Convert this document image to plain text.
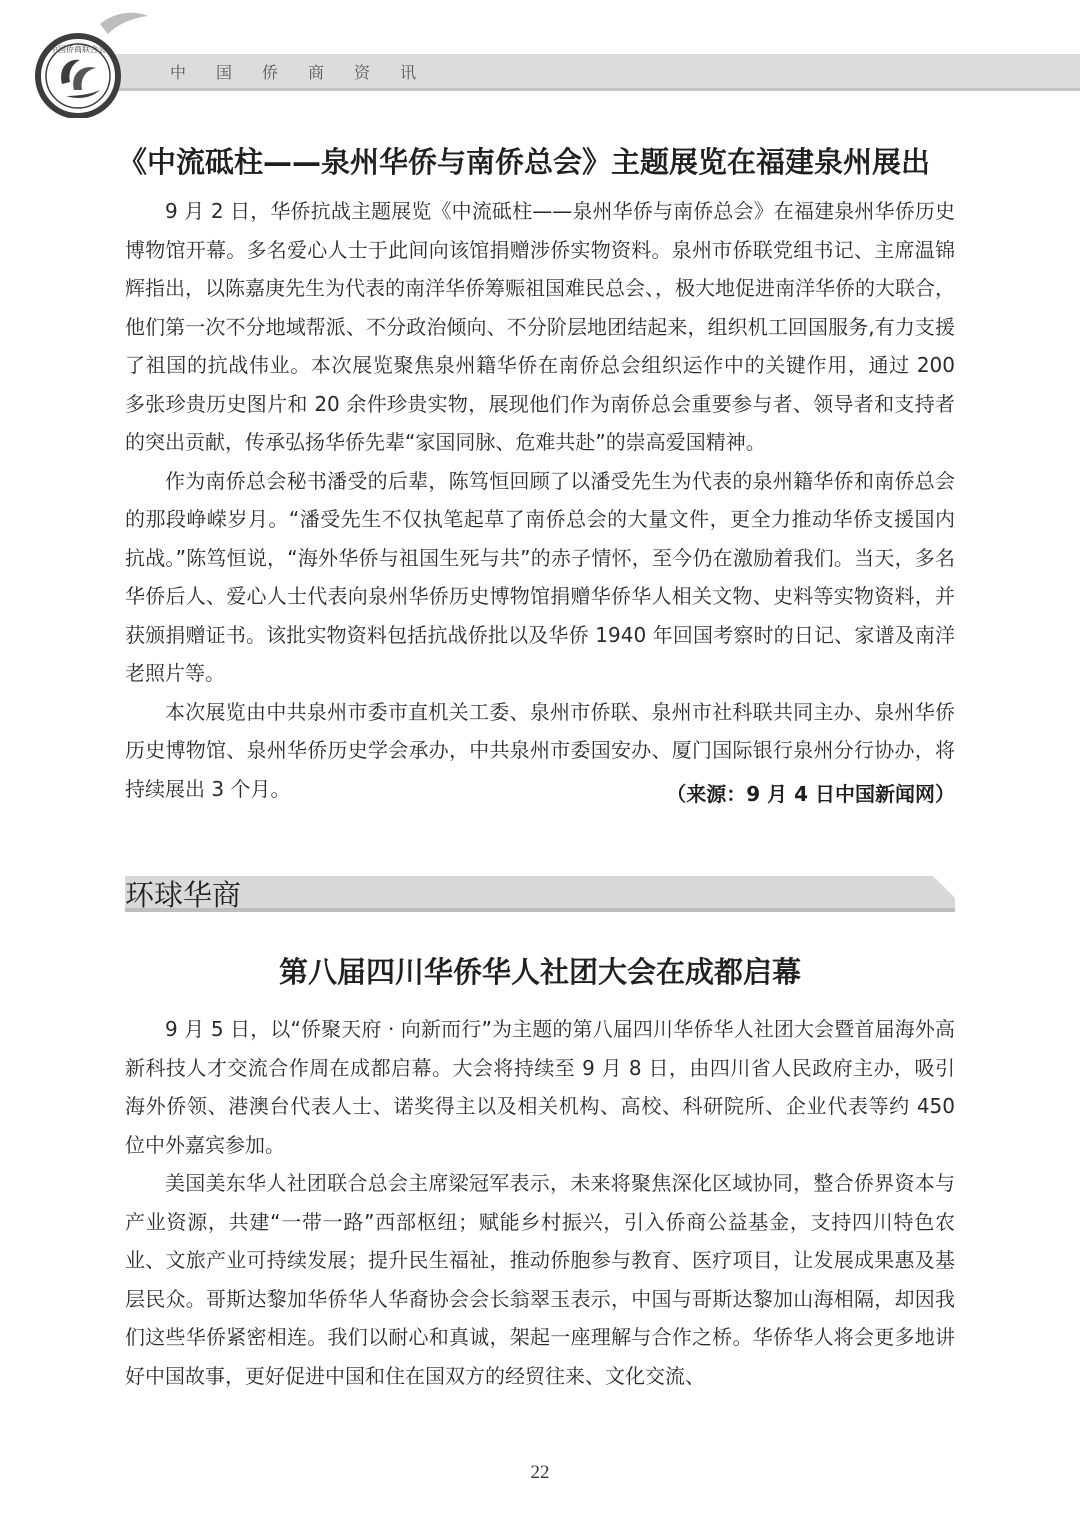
中国侨商联合会
中国侨商资讯
《中流砥柱——泉州华侨与南侨总会》主题展览在福建泉州展出

9 月 2 日，华侨抗战主题展览《中流砥柱——泉州华侨与南侨总会》在福建泉州华侨历史博物馆开幕。多名爱心人士于此间向该馆捐赠涉侨实物资料。泉州市侨联党组书记、主席温锦辉指出，以陈嘉庚先生为代表的南洋华侨筹赈祖国难民总会、，极大地促进南洋华侨的大联合，他们第一次不分地域帮派、不分政治倾向、不分阶层地团结起来，组织机工回国服务,有力支援了祖国的抗战伟业。本次展览聚焦泉州籍华侨在南侨总会组织运作中的关键作用，通过 200 多张珍贵历史图片和 20 余件珍贵实物，展现他们作为南侨总会重要参与者、领导者和支持者的突出贡献，传承弘扬华侨先辈“家国同脉、危难共赴”的崇高爱国精神。

作为南侨总会秘书潘受的后辈，陈笃恒回顾了以潘受先生为代表的泉州籍华侨和南侨总会的那段峥嵘岁月。“潘受先生不仅执笔起草了南侨总会的大量文件，更全力推动华侨支援国内抗战。”陈笃恒说，“海外华侨与祖国生死与共”的赤子情怀，至今仍在激励着我们。当天，多名华侨后人、爱心人士代表向泉州华侨历史博物馆捐赠华侨华人相关文物、史料等实物资料，并获颁捐赠证书。该批实物资料包括抗战侨批以及华侨 1940 年回国考察时的日记、家谱及南洋老照片等。

本次展览由中共泉州市委市直机关工委、泉州市侨联、泉州市社科联共同主办、泉州华侨历史博物馆、泉州华侨历史学会承办，中共泉州市委国安办、厦门国际银行泉州分行协办，将持续展出 3 个月。	（来源：9 月 4 日中国新闻网）
环球华商
第八届四川华侨华人社团大会在成都启幕

9 月 5 日，以“侨聚天府 · 向新而行”为主题的第八届四川华侨华人社团大会暨首届海外高新科技人才交流合作周在成都启幕。大会将持续至 9 月 8 日，由四川省人民政府主办，吸引海外侨领、港澳台代表人士、诺奖得主以及相关机构、高校、科研院所、企业代表等约 450 位中外嘉宾参加。

美国美东华人社团联合总会主席梁冠军表示，未来将聚焦深化区域协同，整合侨界资本与产业资源，共建“一带一路”西部枢纽；赋能乡村振兴，引入侨商公益基金，支持四川特色农业、文旅产业可持续发展；提升民生福祉，推动侨胞参与教育、医疗项目，让发展成果惠及基层民众。哥斯达黎加华侨华人华裔协会会长翁翠玉表示，中国与哥斯达黎加山海相隔，却因我们这些华侨紧密相连。我们以耐心和真诚，架起一座理解与合作之桥。华侨华人将会更多地讲好中国故事，更好促进中国和住在国双方的经贸往来、文化交流、

22
